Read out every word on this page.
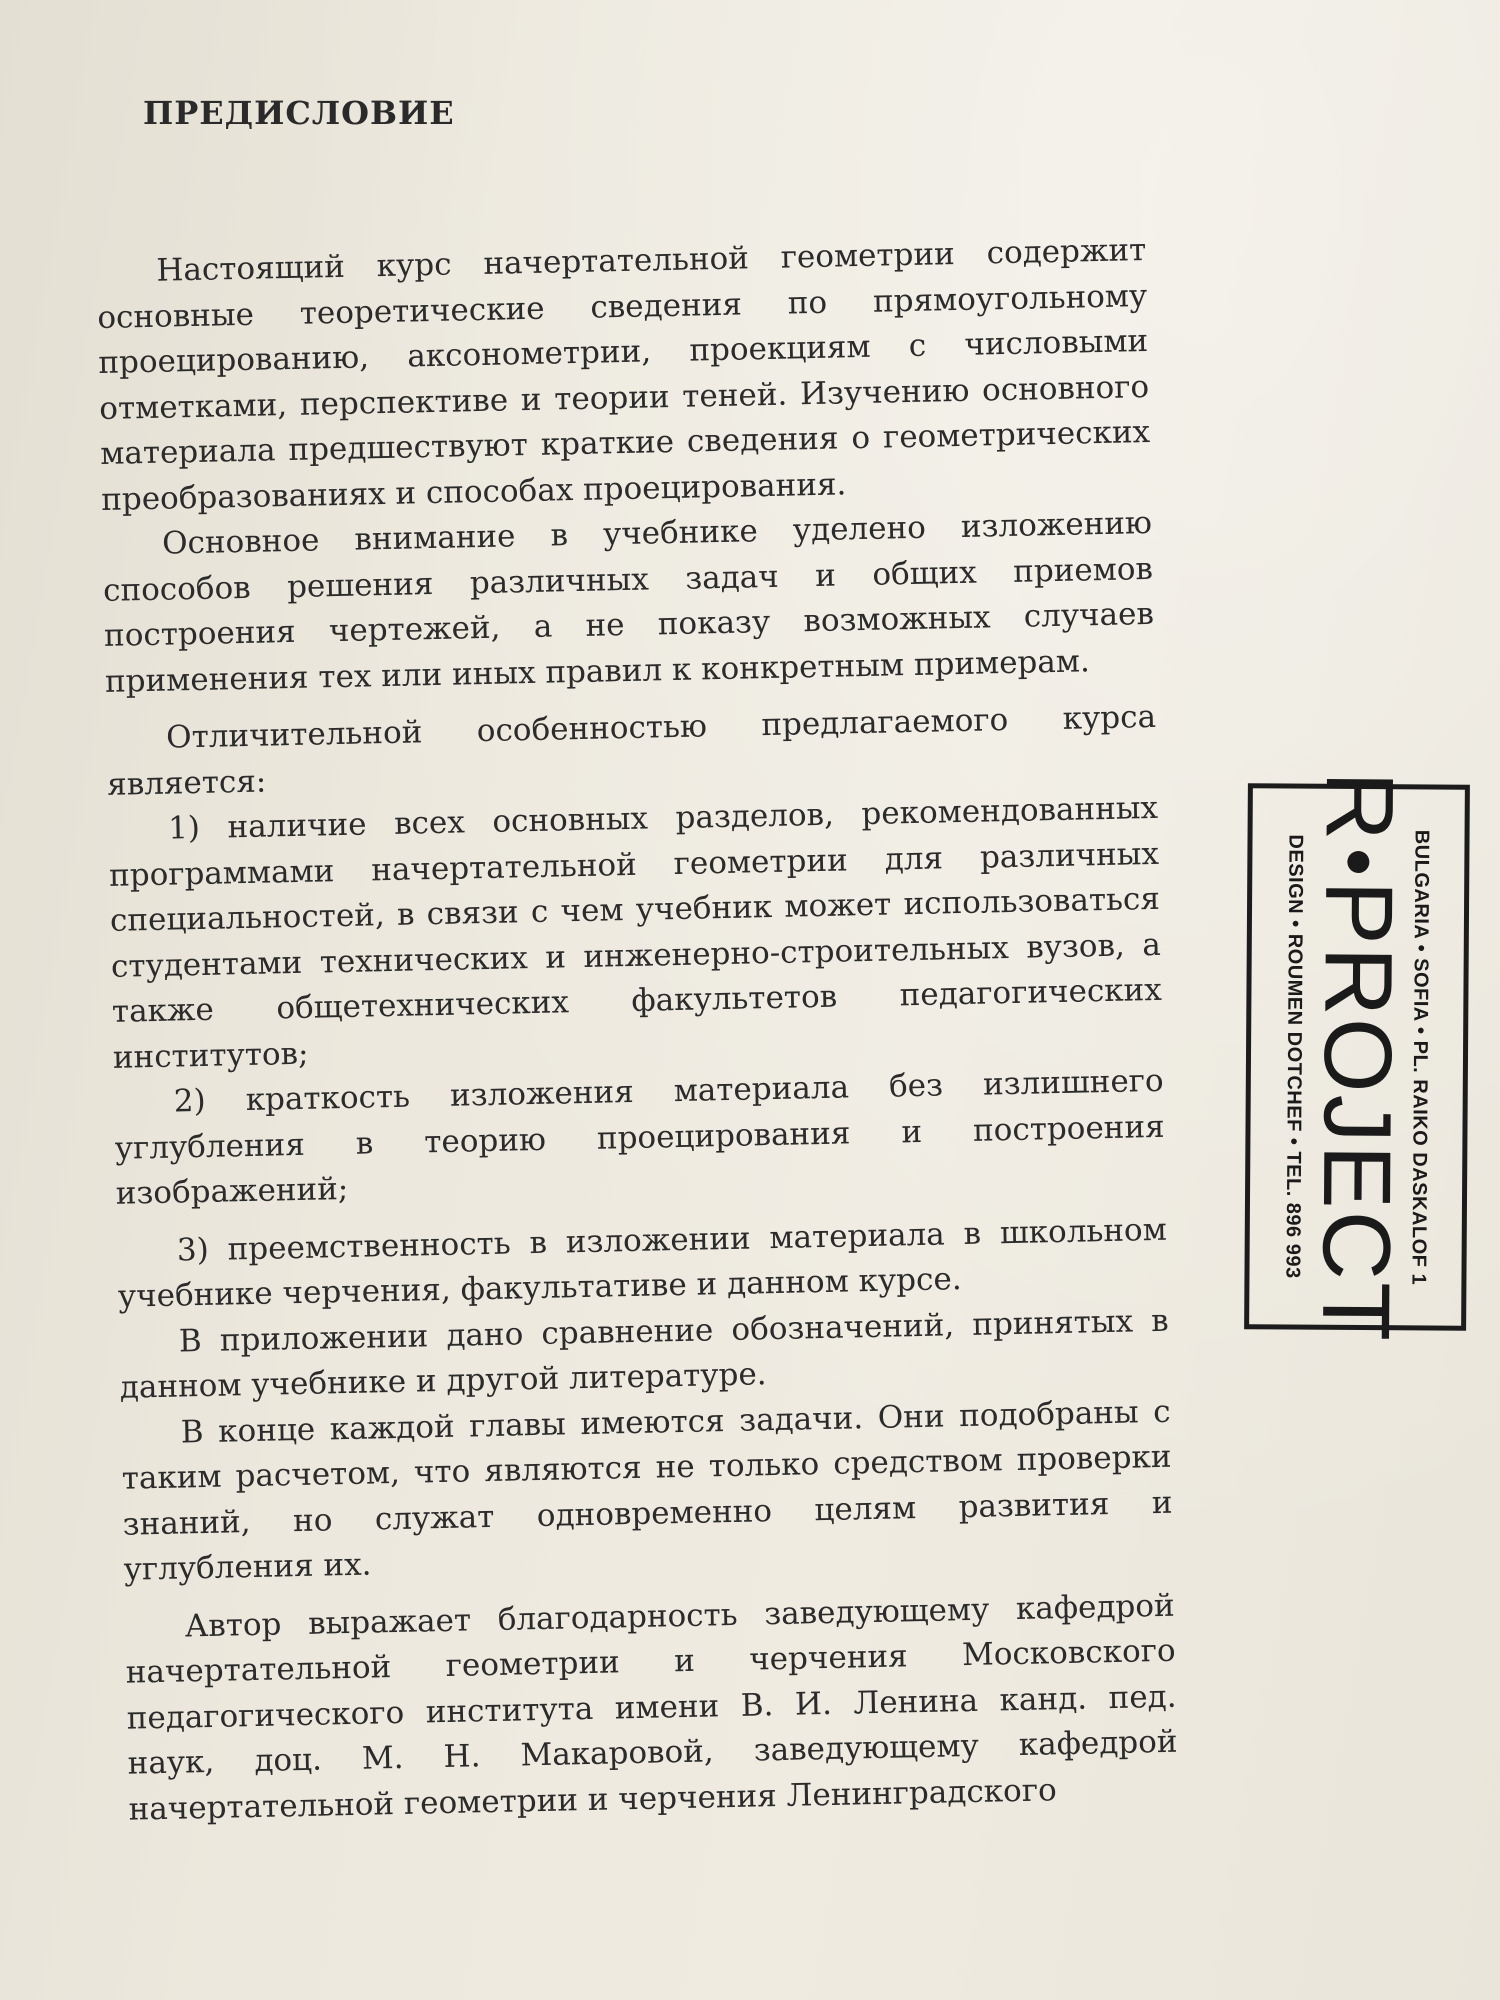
ПРЕДИСЛОВИЕ

Настоящий курс начертательной геометрии содержит основные теоретические сведения по прямоугольному проецированию, аксонометрии, проекциям с числовыми отметками, перспективе и теории теней. Изучению основного материала предшествуют краткие сведения о геометрических преобразованиях и способах проецирования.

Основное внимание в учебнике уделено изложению способов решения различных задач и общих приемов построения чертежей, а не показу возможных случаев применения тех или иных правил к конкретным примерам.

Отличительной особенностью предлагаемого курса является:

1) наличие всех основных разделов, рекомендованных программами начертательной геометрии для различных специальностей, в связи с чем учебник может использоваться студентами технических и инженерно-строительных вузов, а также общетехнических факультетов педагогических институтов;

2) краткость изложения материала без излишнего углубления в теорию проецирования и построения изображений;

3) преемственность в изложении материала в школьном учебнике черчения, факультативе и данном курсе.

В приложении дано сравнение обозначений, принятых в данном учебнике и другой литературе.

В конце каждой главы имеются задачи. Они подобраны с таким расчетом, что являются не только средством проверки знаний, но служат одновременно целям развития и углубления их.

Автор выражает благодарность заведующему кафедрой начертательной геометрии и черчения Московского педагогического института имени В. И. Ленина канд. пед. наук, доц. М. Н. Макаровой, заведующему кафедрой начертательной геометрии и черчения Ленинградского

BULGARIA • SOFIA • PL. RAIKO DASKALOF 1
R
PROJECT
DESIGN • ROUMEN DOTCHEF • TEL. 896 993
